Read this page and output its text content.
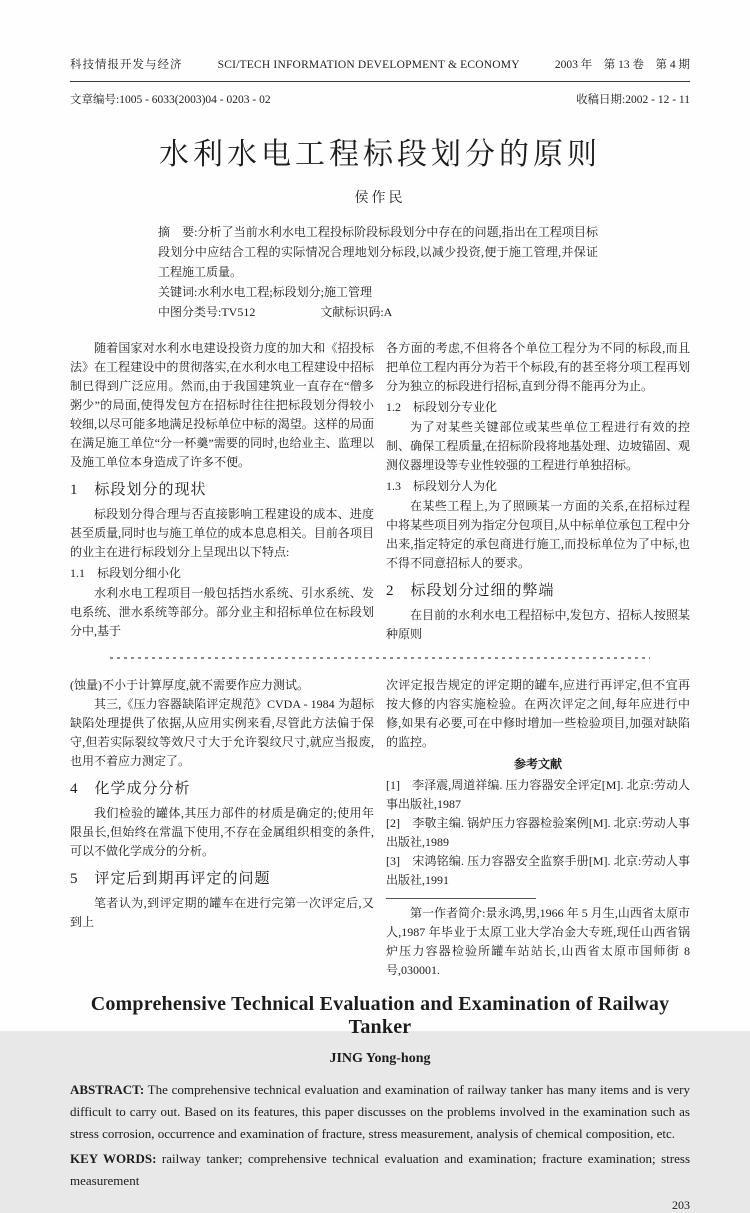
科技情报开发与经济	SCI/TECH INFORMATION DEVELOPMENT & ECONOMY	2003 年　第 13 卷　第 4 期
文章编号:1005 - 6033(2003)04 - 0203 - 02	收稿日期:2002 - 12 - 11
水利水电工程标段划分的原则
侯作民

摘　要:分析了当前水利水电工程投标阶段标段划分中存在的问题,指出在工程项目标段划分中应结合工程的实际情况合理地划分标段,以减少投资,便于施工管理,并保证工程施工质量。

关键词:水利水电工程;标段划分;施工管理

中图分类号:TV512	文献标识码:A

随着国家对水利水电建设投资力度的加大和《招投标法》在工程建设中的贯彻落实,在水利水电工程建设中招标制已得到广泛应用。然而,由于我国建筑业一直存在“僧多粥少”的局面,使得发包方在招标时往往把标段划分得较小较细,以尽可能多地满足投标单位中标的渴望。这样的局面在满足施工单位“分一杯羹”需要的同时,也给业主、监理以及施工单位本身造成了许多不便。

1　标段划分的现状

标段划分得合理与否直接影响工程建设的成本、进度甚至质量,同时也与施工单位的成本息息相关。目前各项目的业主在进行标段划分上呈现出以下特点:

1.1　标段划分细小化

水利水电工程项目一般包括挡水系统、引水系统、发电系统、泄水系统等部分。部分业主和招标单位在标段划分中,基于

各方面的考虑,不但将各个单位工程分为不同的标段,而且把单位工程内再分为若干个标段,有的甚至将分项工程再划分为独立的标段进行招标,直到分得不能再分为止。

1.2　标段划分专业化

为了对某些关键部位或某些单位工程进行有效的控制、确保工程质量,在招标阶段将地基处理、边坡锚固、观测仪器埋设等专业性较强的工程进行单独招标。

1.3　标段划分人为化

在某些工程上,为了照顾某一方面的关系,在招标过程中将某些项目列为指定分包项目,从中标单位承包工程中分出来,指定特定的承包商进行施工,而投标单位为了中标,也不得不同意招标人的要求。

2　标段划分过细的弊端

在目前的水利水电工程招标中,发包方、招标人按照某种原则

(蚀量)不小于计算厚度,就不需要作应力测试。

其三,《压力容器缺陷评定规范》CVDA - 1984 为超标缺陷处理提供了依据,从应用实例来看,尽管此方法偏于保守,但若实际裂纹等效尺寸大于允许裂纹尺寸,就应当报废,也用不着应力测定了。

4　化学成分分析

我们检验的罐体,其压力部件的材质是确定的;使用年限虽长,但始终在常温下使用,不存在金属组织相变的条件,可以不做化学成分的分析。

5　评定后到期再评定的问题

笔者认为,到评定期的罐车在进行完第一次评定后,又到上

次评定报告规定的评定期的罐车,应进行再评定,但不宜再按大修的内容实施检验。在两次评定之间,每年应进行中修,如果有必要,可在中修时增加一些检验项目,加强对缺陷的监控。

参考文献

[1]　李泽震,周道祥编. 压力容器安全评定[M]. 北京:劳动人事出版社,1987

[2]　李敬主编. 锅炉压力容器检验案例[M]. 北京:劳动人事出版社,1989

[3]　宋鸿铭编. 压力容器安全监察手册[M]. 北京:劳动人事出版社,1991

第一作者简介:景永鸿,男,1966 年 5 月生,山西省太原市人,1987 年毕业于太原工业大学冶金大专班,现任山西省锅炉压力容器检验所罐车站站长,山西省太原市国师街 8 号,030001.

Comprehensive Technical Evaluation and Examination of Railway Tanker
JING Yong-hong

ABSTRACT: The comprehensive technical evaluation and examination of railway tanker has many items and is very difficult to carry out. Based on its features, this paper discusses on the problems involved in the examination such as stress corrosion, occurrence and examination of fracture, stress measurement, analysis of chemical composition, etc.

KEY WORDS: railway tanker; comprehensive technical evaluation and examination; fracture examination; stress measurement

203
